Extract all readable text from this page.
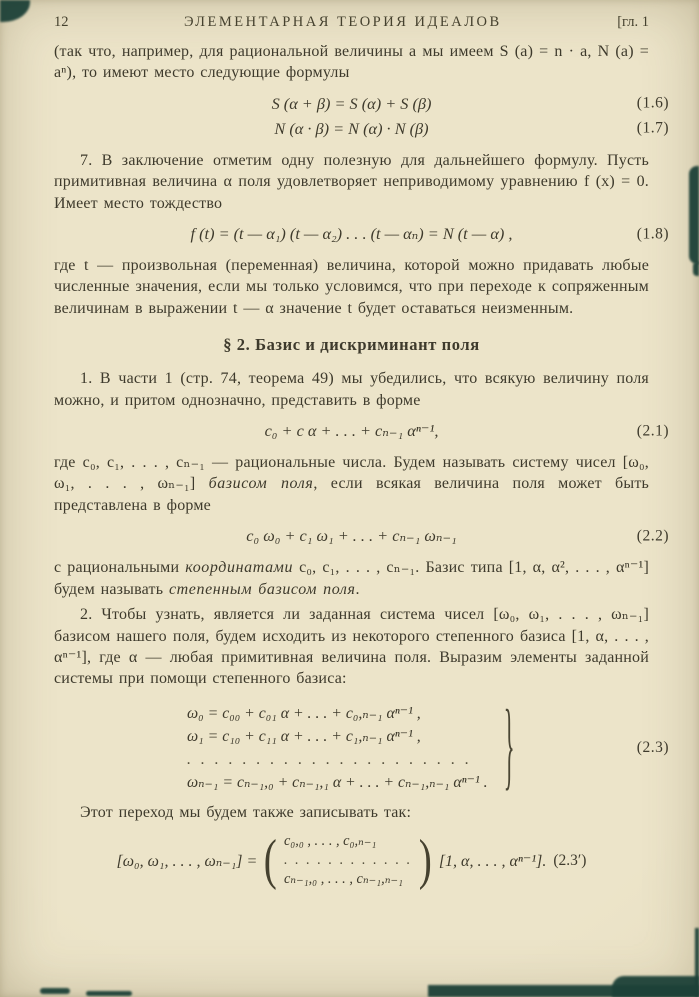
12	ЭЛЕМЕНТАРНАЯ ТЕОРИЯ ИДЕАЛОВ	[гл. 1

(так что, например, для рациональной величины a мы имеем S (a) = n · a, N (a) = aⁿ), то имеют место следующие формулы

S (α + β) = S (α) + S (β)	(1.6)
N (α · β) = N (α) · N (β)	(1.7)

7. В заключение отметим одну полезную для дальнейшего формулу. Пусть примитивная величина α поля удовлетворяет неприводимому уравнению f (x) = 0. Имеет место тождество

f (t) = (t — α₁) (t — α₂) . . . (t — αₙ) = N (t — α) ,	(1.8)

где t — произвольная (переменная) величина, которой можно придавать любые численные значения, если мы только условимся, что при переходе к сопряженным величинам в выражении t — α значение t будет оставаться неизменным.

§ 2. Базис и дискриминант поля

1. В части 1 (стр. 74, теорема 49) мы убедились, что всякую величину поля можно, и притом однозначно, представить в форме

c₀ + c α + . . . + cₙ₋₁ αⁿ⁻¹,	(2.1)

где c₀, c₁, . . . , cₙ₋₁ — рациональные числа. Будем называть систему чисел [ω₀, ω₁, . . . , ωₙ₋₁] базисом поля, если всякая величина поля может быть представлена в форме

c₀ ω₀ + c₁ ω₁ + . . . + cₙ₋₁ ωₙ₋₁	(2.2)

с рациональными координатами c₀, c₁, . . . , cₙ₋₁. Базис типа [1, α, α², . . . , αⁿ⁻¹] будем называть степенным базисом поля.

2. Чтобы узнать, является ли заданная система чисел [ω₀, ω₁, . . . , ωₙ₋₁] базисом нашего поля, будем исходить из некоторого степенного базиса [1, α, . . . , αⁿ⁻¹], где α — любая примитивная величина поля. Выразим элементы заданной системы при помощи степенного базиса:

ω₀ = c₀₀ + c₀₁ α + . . . + c₀,ₙ₋₁ αⁿ⁻¹ ,
ω₁ = c₁₀ + c₁₁ α + . . . + c₁,ₙ₋₁ αⁿ⁻¹ ,
. . . . . . . . . . . . . . . . . . . . .
ωₙ₋₁ = cₙ₋₁,₀ + cₙ₋₁,₁ α + . . . + cₙ₋₁,ₙ₋₁ αⁿ⁻¹ . }	(2.3)

Этот переход мы будем также записывать так:

[ω₀, ω₁, . . . , ωₙ₋₁] = ( c₀,₀ , . . . , c₀,ₙ₋₁
. . . . . . . . . . . .
cₙ₋₁,₀ , . . . , cₙ₋₁,ₙ₋₁ ) [1, α, . . . , αⁿ⁻¹]. (2.3′)
